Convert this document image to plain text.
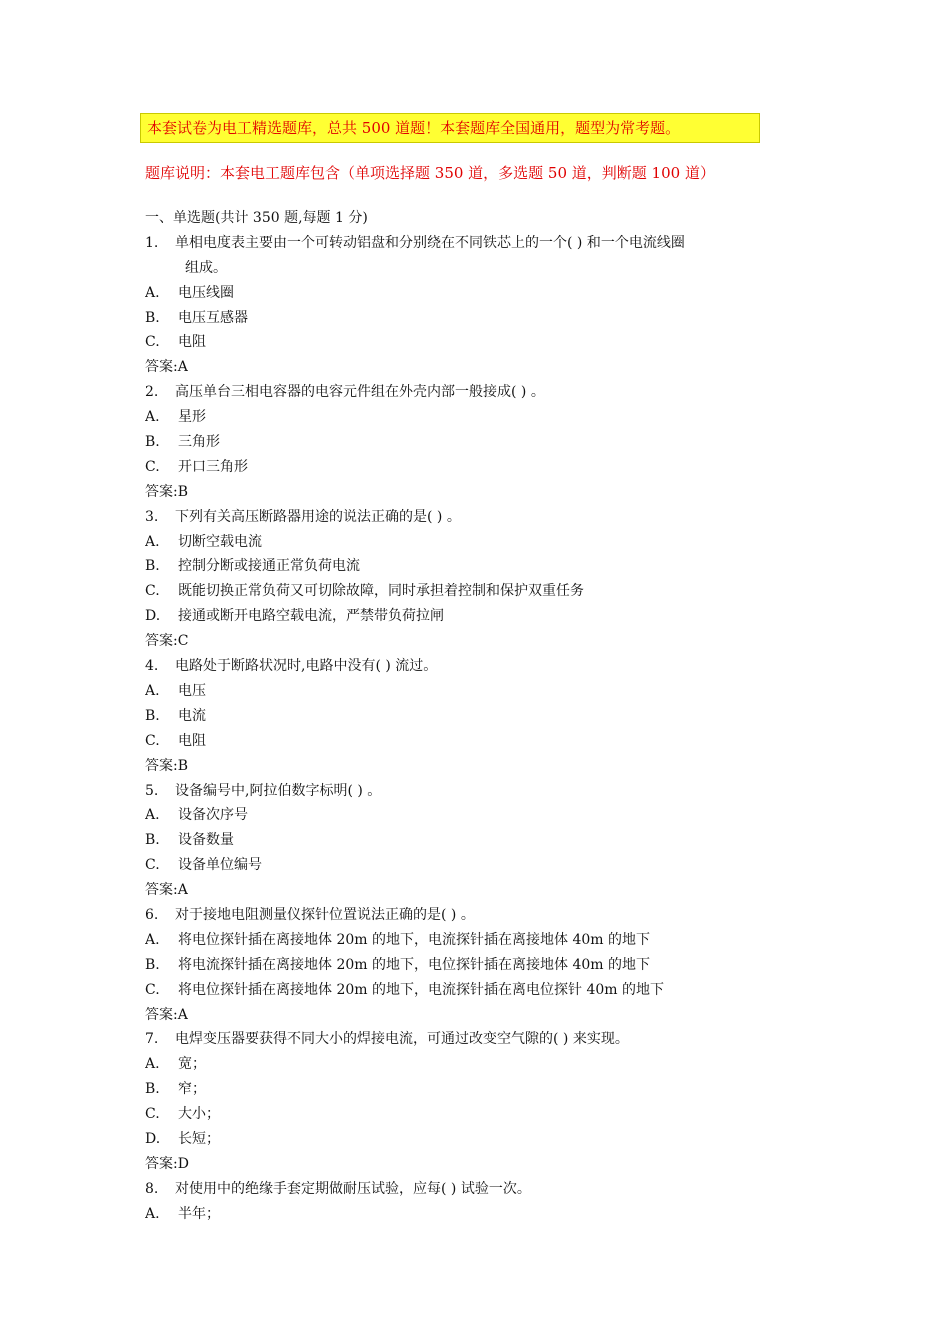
本套试卷为电工精选题库，总共 500 道题！本套题库全国通用，题型为常考题。
题库说明：本套电工题库包含（单项选择题 350 道，多选题 50 道，判断题 100 道）
一、单选题(共计 350 题,每题 1 分)
1.	单相电度表主要由一个可转动铝盘和分别绕在不同铁芯上的一个( ) 和一个电流线圈
组成。
A.	电压线圈
B.	电压互感器
C.	电阻
答案:A
2.	高压单台三相电容器的电容元件组在外壳内部一般接成( ) 。
A.	星形
B.	三角形
C.	开口三角形
答案:B
3.	下列有关高压断路器用途的说法正确的是( ) 。
A.	切断空载电流
B.	控制分断或接通正常负荷电流
C.	既能切换正常负荷又可切除故障，同时承担着控制和保护双重任务
D.	接通或断开电路空载电流，严禁带负荷拉闸
答案:C
4.	电路处于断路状况时,电路中没有( ) 流过。
A.	电压
B.	电流
C.	电阻
答案:B
5.	设备编号中,阿拉伯数字标明( ) 。
A.	设备次序号
B.	设备数量
C.	设备单位编号
答案:A
6.	对于接地电阻测量仪探针位置说法正确的是( ) 。
A.	将电位探针插在离接地体 20m 的地下，电流探针插在离接地体 40m 的地下
B.	将电流探针插在离接地体 20m 的地下，电位探针插在离接地体 40m 的地下
C.	将电位探针插在离接地体 20m 的地下，电流探针插在离电位探针 40m 的地下
答案:A
7.	电焊变压器要获得不同大小的焊接电流，可通过改变空气隙的( ) 来实现。
A.	宽；
B.	窄；
C.	大小；
D.	长短；
答案:D
8.	对使用中的绝缘手套定期做耐压试验，应每( ) 试验一次。
A.	半年；
